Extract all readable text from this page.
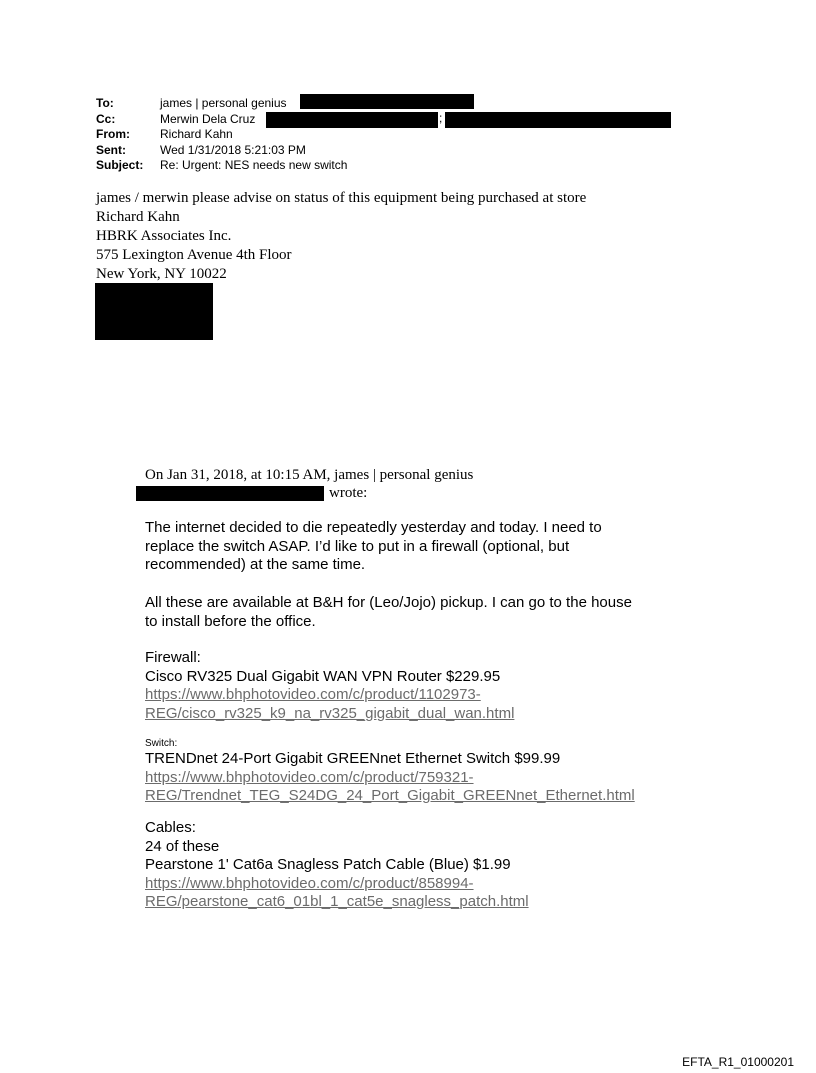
To:	james | personal genius
Cc:	Merwin Dela Cruz
From:	Richard Kahn
Sent:	Wed 1/31/2018 5:21:03 PM
Subject:	Re: Urgent: NES needs new switch
;
james / merwin please advise on status of this equipment being purchased at store
Richard Kahn
HBRK Associates Inc.
575 Lexington Avenue 4th Floor
New York, NY 10022
On Jan 31, 2018, at 10:15 AM, james | personal genius
wrote:
The internet decided to die repeatedly yesterday and today. I need to
replace the switch ASAP. I’d like to put in a firewall (optional, but
recommended) at the same time.
All these are available at B&H for (Leo/Jojo) pickup. I can go to the house
to install before the office.
Firewall:
Cisco RV325 Dual Gigabit WAN VPN Router $229.95
https://www.bhphotovideo.com/c/product/1102973-
REG/cisco_rv325_k9_na_rv325_gigabit_dual_wan.html
Switch:
TRENDnet 24-Port Gigabit GREENnet Ethernet Switch $99.99
https://www.bhphotovideo.com/c/product/759321-
REG/Trendnet_TEG_S24DG_24_Port_Gigabit_GREENnet_Ethernet.html
Cables:
24 of these
Pearstone 1' Cat6a Snagless Patch Cable (Blue) $1.99
https://www.bhphotovideo.com/c/product/858994-
REG/pearstone_cat6_01bl_1_cat5e_snagless_patch.html
EFTA_R1_01000201
